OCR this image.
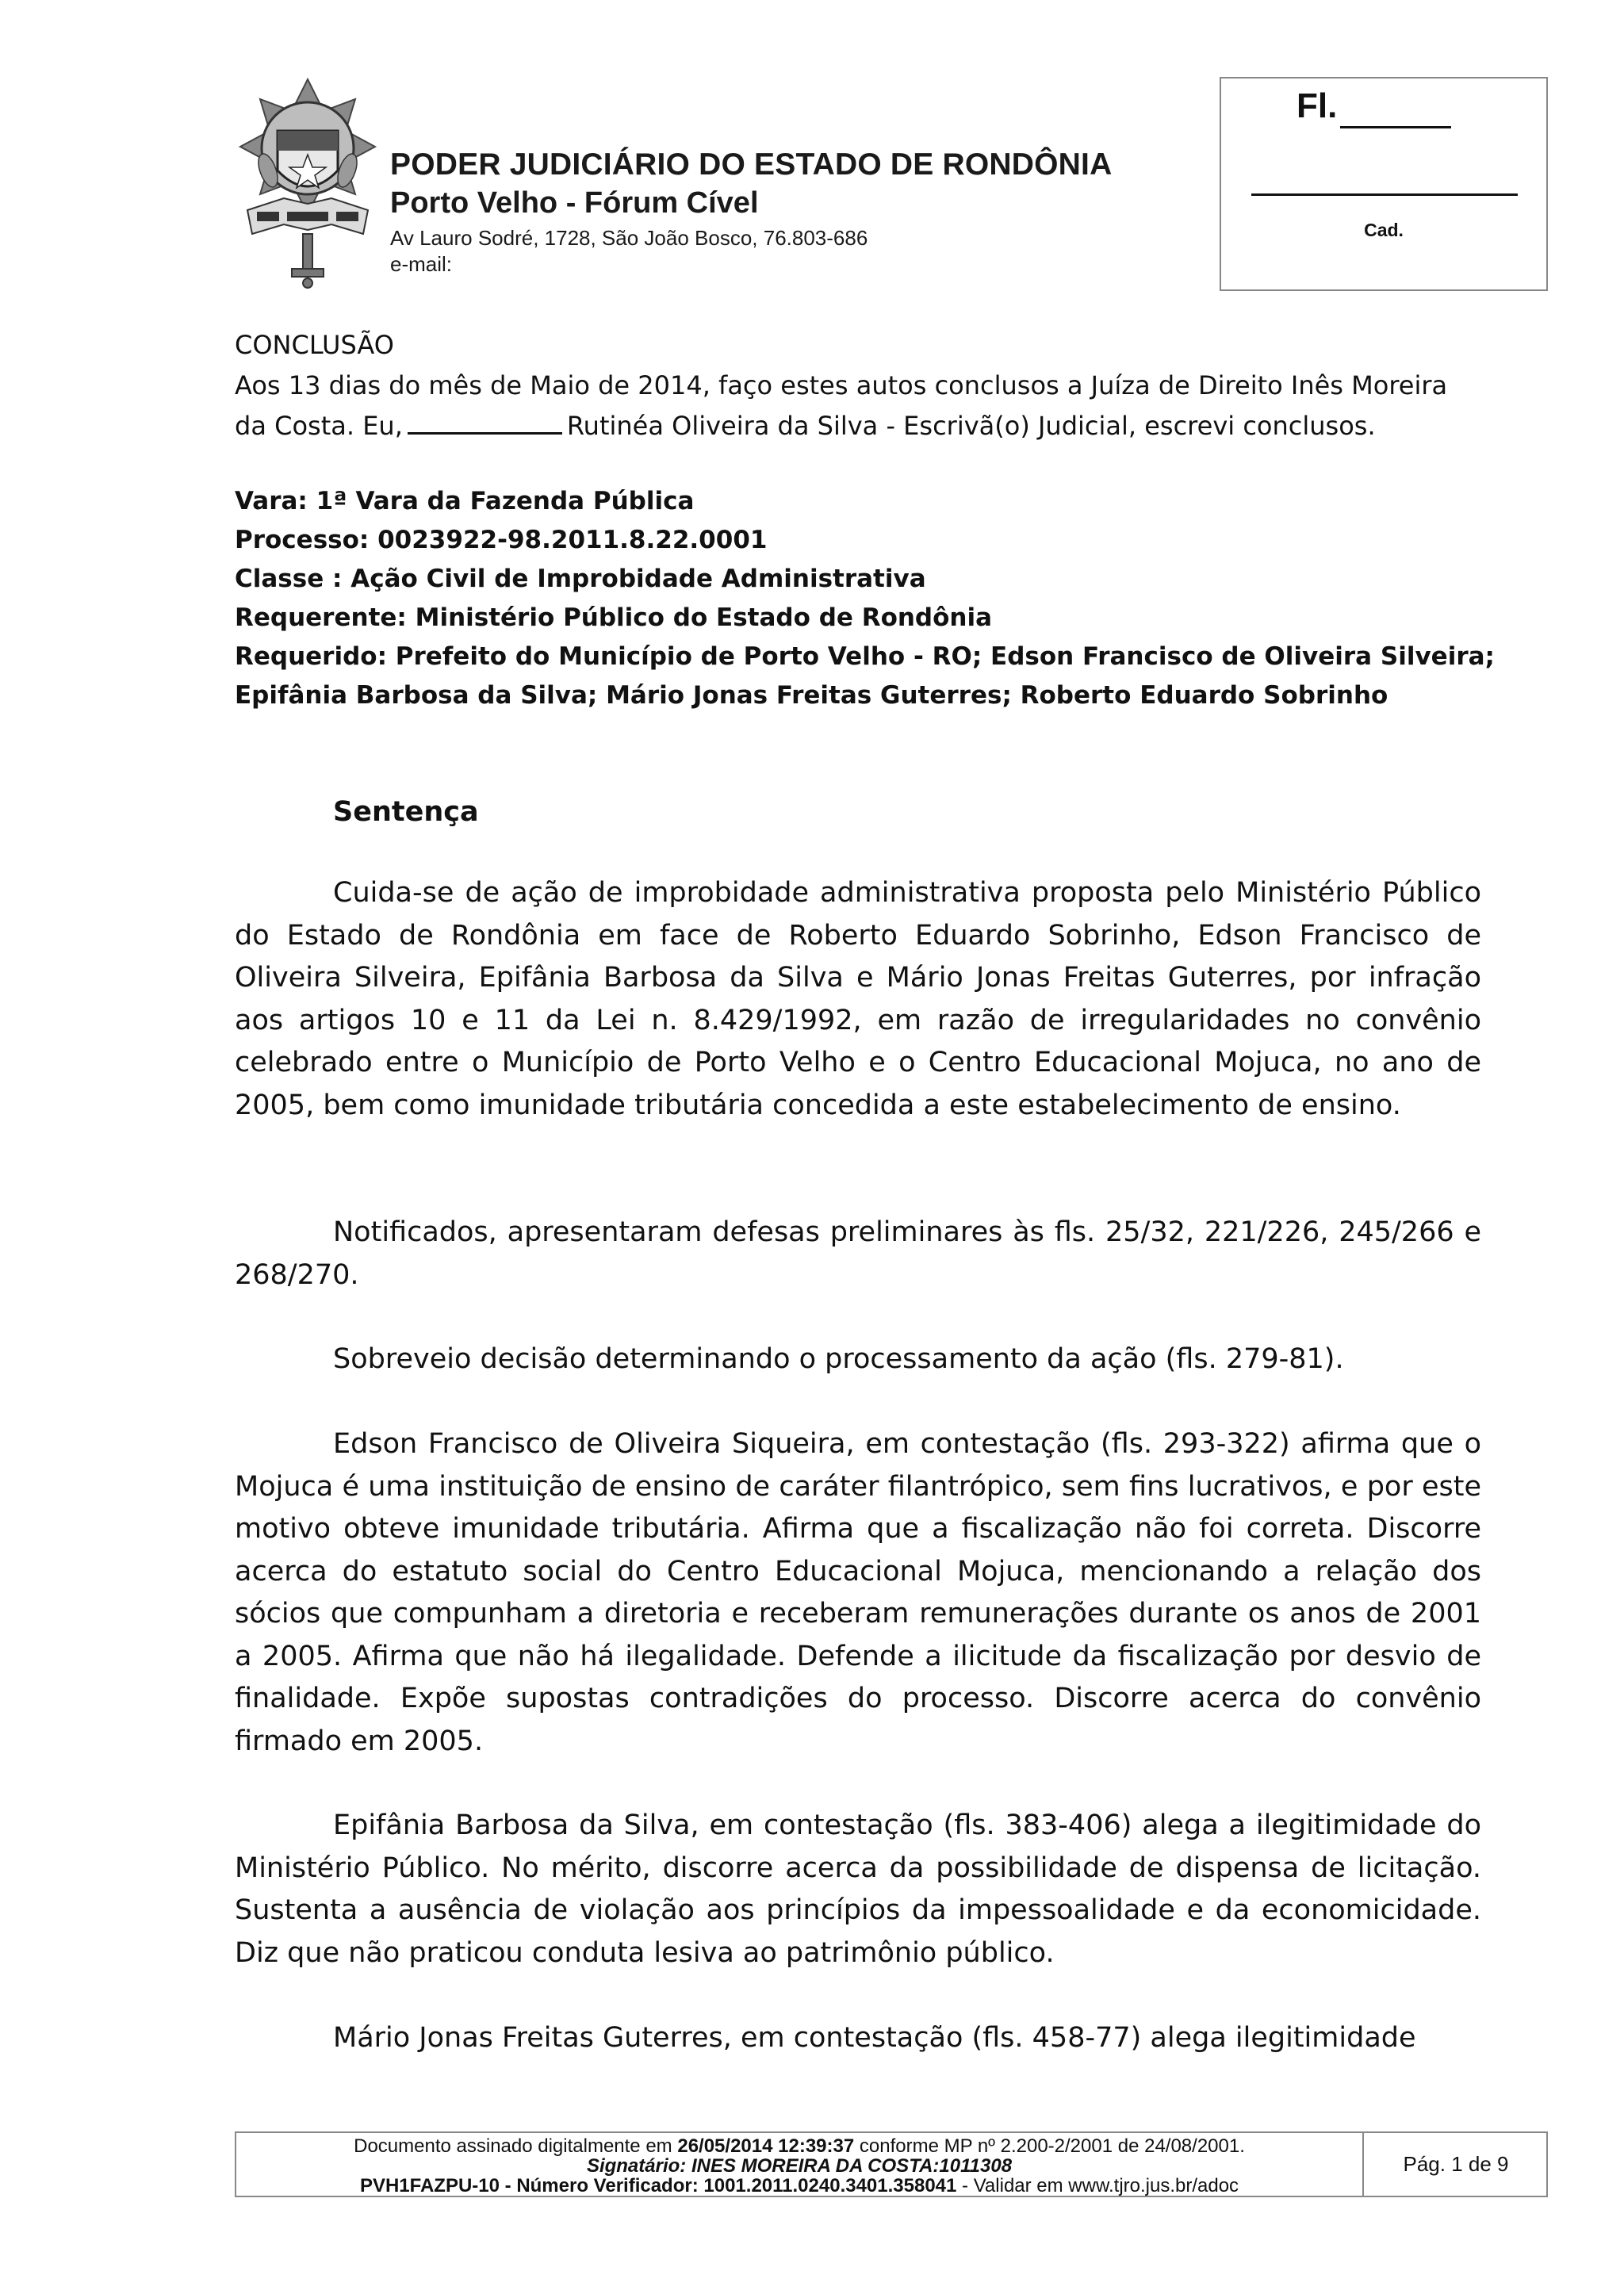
PODER JUDICIÁRIO DO ESTADO DE RONDÔNIA
Porto Velho - Fórum Cível
Av Lauro Sodré, 1728, São João Bosco, 76.803-686
e-mail:
Fl.
Cad.
CONCLUSÃO
Aos 13 dias do mês de Maio de 2014, faço estes autos conclusos a Juíza de Direito Inês Moreira
da Costa. Eu,	Rutinéa Oliveira da Silva - Escrivã(o) Judicial, escrevi conclusos.
Vara: 1ª Vara da Fazenda Pública
Processo: 0023922-98.2011.8.22.0001
Classe : Ação Civil de Improbidade Administrativa
Requerente: Ministério Público do Estado de Rondônia
Requerido: Prefeito do Município de Porto Velho - RO; Edson Francisco de Oliveira Silveira;
Epifânia Barbosa da Silva; Mário Jonas Freitas Guterres; Roberto Eduardo Sobrinho
Sentença
Cuida-se de ação de improbidade administrativa proposta pelo Ministério Público do Estado de Rondônia em face de Roberto Eduardo Sobrinho, Edson Francisco de Oliveira Silveira, Epifânia Barbosa da Silva e Mário Jonas Freitas Guterres, por infração aos artigos 10 e 11 da Lei n. 8.429/1992, em razão de irregularidades no convênio celebrado entre o Município de Porto Velho e o Centro Educacional Mojuca, no ano de 2005, bem como imunidade tributária concedida a este estabelecimento de ensino.
Notificados, apresentaram defesas preliminares às fls. 25/32, 221/226, 245/266 e 268/270.
Sobreveio decisão determinando o processamento da ação (fls. 279-81).
Edson Francisco de Oliveira Siqueira, em contestação (fls. 293-322) afirma que o Mojuca é uma instituição de ensino de caráter filantrópico, sem fins lucrativos, e por este motivo obteve imunidade tributária. Afirma que a fiscalização não foi correta. Discorre acerca do estatuto social do Centro Educacional Mojuca, mencionando a relação dos sócios que compunham a diretoria e receberam remunerações durante os anos de 2001 a 2005. Afirma que não há ilegalidade. Defende a ilicitude da fiscalização por desvio de finalidade. Expõe supostas contradições do processo. Discorre acerca do convênio firmado em 2005.
Epifânia Barbosa da Silva, em contestação (fls. 383-406) alega a ilegitimidade do Ministério Público. No mérito, discorre acerca da possibilidade de dispensa de licitação. Sustenta a ausência de violação aos princípios da impessoalidade e da economicidade. Diz que não praticou conduta lesiva ao patrimônio público.
Mário Jonas Freitas Guterres, em contestação (fls. 458-77) alega ilegitimidade
Documento assinado digitalmente em 26/05/2014 12:39:37 conforme MP nº 2.200-2/2001 de 24/08/2001.
Signatário: INES MOREIRA DA COSTA:1011308
PVH1FAZPU-10 - Número Verificador: 1001.2011.0240.3401.358041 - Validar em www.tjro.jus.br/adoc
Pág. 1 de 9
